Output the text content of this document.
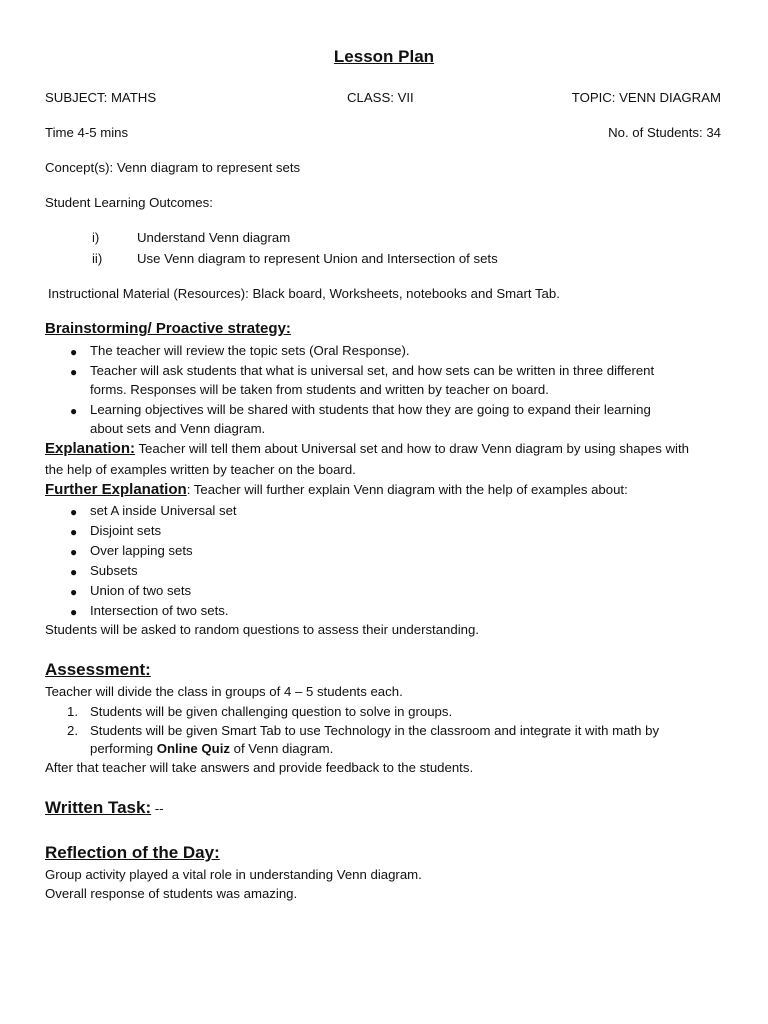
Lesson Plan
SUBJECT: MATHS	CLASS: VII	TOPIC: VENN DIAGRAM
Time 4-5 mins	No. of Students: 34
Concept(s): Venn diagram to represent sets
Student Learning Outcomes:
i)	Understand Venn diagram
ii)	Use Venn diagram to represent Union and Intersection of sets
Instructional Material (Resources): Black board, Worksheets, notebooks and Smart Tab.
Brainstorming/ Proactive strategy:
● The teacher will review the topic sets (Oral Response).
● Teacher will ask students that what is universal set, and how sets can be written in three different
forms. Responses will be taken from students and written by teacher on board.
● Learning objectives will be shared with students that how they are going to expand their learning
about sets and Venn diagram.
Explanation: Teacher will tell them about Universal set and how to draw Venn diagram by using shapes with
the help of examples written by teacher on the board.
Further Explanation: Teacher will further explain Venn diagram with the help of examples about:
● set A inside Universal set
● Disjoint sets
● Over lapping sets
● Subsets
● Union of two sets
● Intersection of two sets.
Students will be asked to random questions to assess their understanding.
Assessment:
Teacher will divide the class in groups of 4 – 5 students each.
1. Students will be given challenging question to solve in groups.
2. Students will be given Smart Tab to use Technology in the classroom and integrate it with math by
performing Online Quiz of Venn diagram.
After that teacher will take answers and provide feedback to the students.
Written Task: --
Reflection of the Day:
Group activity played a vital role in understanding Venn diagram.
Overall response of students was amazing.
